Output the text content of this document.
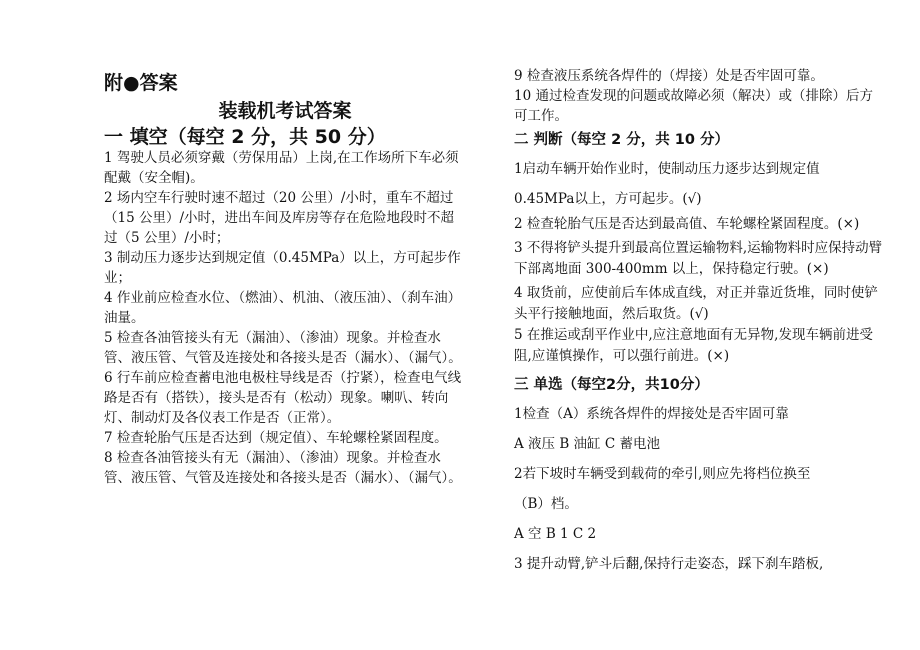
附●答案
装载机考试答案
一 填空（每空 2 分，共 50 分）

1 驾驶人员必须穿戴（劳保用品）上岗,在工作场所下车必须配戴（安全帽)。

2 场内空车行驶时速不超过（20 公里）/小时，重车不超过（15 公里）/小时，进出车间及库房等存在危险地段时不超过（5 公里）/小时；

3 制动压力逐步达到规定值（0.45MPa）以上，方可起步作业；

4 作业前应检查水位、（燃油）、机油、（液压油）、（刹车油）油量。

5 检查各油管接头有无（漏油）、（渗油）现象。并检查水管、液压管、气管及连接处和各接头是否（漏水）、（漏气）。

6 行车前应检查蓄电池电极柱导线是否（拧紧），检查电气线路是否有（搭铁），接头是否有（松动）现象。喇叭、转向灯、制动灯及各仪表工作是否（正常）。

7 检查轮胎气压是否达到（规定值）、车轮螺栓紧固程度。

8 检查各油管接头有无（漏油）、（渗油）现象。并检查水管、液压管、气管及连接处和各接头是否（漏水）、（漏气）。

9 检查液压系统各焊件的（焊接）处是否牢固可靠。

10 通过检查发现的问题或故障必须（解决）或（排除）后方可工作。

二 判断（每空 2 分，共 10 分）

1启动车辆开始作业时，使制动压力逐步达到规定值

0.45MPa以上，方可起步。(√)

2 检查轮胎气压是否达到最高值、车轮螺栓紧固程度。(×)

3 不得将铲头提升到最高位置运输物料,运输物料时应保持动臂下部离地面 300-400mm 以上，保持稳定行驶。(×)

4 取货前，应使前后车体成直线，对正并靠近货堆，同时使铲头平行接触地面，然后取货。(√)

5 在推运或刮平作业中,应注意地面有无异物,发现车辆前进受阻,应谨慎操作，可以强行前进。(×)

三 单选（每空2分，共10分）

1检查（A）系统各焊件的焊接处是否牢固可靠

A 液压 B 油缸 C 蓄电池

2若下坡时车辆受到载荷的牵引,则应先将档位换至

（B）档。

A 空 B 1 C 2

3 提升动臂,铲斗后翻,保持行走姿态，踩下刹车踏板,
